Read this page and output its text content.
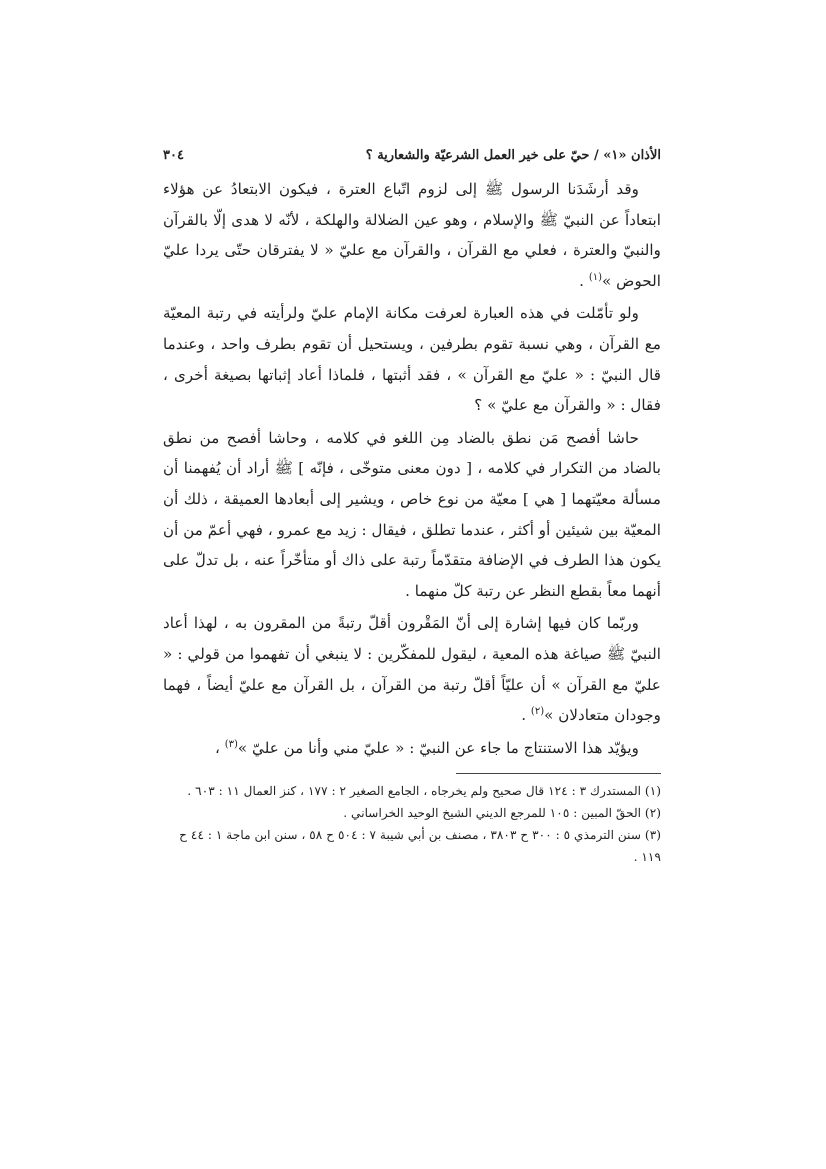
الأذان «١» / حيّ على خير العمل الشرعيّة والشعارية ؟
٣٠٤

وقد أرشَدَنا الرسول ﷺ إلى لزوم اتّباع العترة ، فيكون الابتعادُ عن هؤلاء ابتعاداً عن النبيّ ﷺ والإسلام ، وهو عين الضلالة والهلكة ، لأنّه لا هدى إلّا بالقرآن والنبيّ والعترة ، فعلي مع القرآن ، والقرآن مع عليّ « لا يفترقان حتّى يردا عليّ الحوض »$^{(١)}$ .

ولو تأمّلت في هذه العبارة لعرفت مكانة الإمام عليّ ولرأيته في رتبة المعيّة مع القرآن ، وهي نسبة تقوم بطرفين ، ويستحيل أن تقوم بطرف واحد ، وعندما قال النبيّ : « عليّ مع القرآن » ، فقد أثبتها ، فلماذا أعاد إثباتها بصيغة أخرى ، فقال : « والقرآن مع عليّ » ؟

حاشا أفصح مَن نطق بالضاد مِن اللغو في كلامه ، وحاشا أفصح من نطق بالضاد من التكرار في كلامه ، [ دون معنى متوخّى ، فإنّه ] ﷺ أراد أن يُفهمنا أن مسألة معيّتهما [ هي ] معيّة من نوع خاص ، ويشير إلى أبعادها العميقة ، ذلك أن المعيّة بين شيئين أو أكثر ، عندما تطلق ، فيقال : زيد مع عمرو ، فهي أعمّ من أن يكون هذا الطرف في الإضافة متقدّماً رتبة على ذاك أو متأخّراً عنه ، بل تدلّ على أنهما معاً بقطع النظر عن رتبة كلّ منهما .

وربّما كان فيها إشارة إلى أنّ المَقْرون أقلّ رتبةً من المقرون به ، لهذا أعاد النبيّ ﷺ صياغة هذه المعية ، ليقول للمفكّرين : لا ينبغي أن تفهموا من قولي : « عليّ مع القرآن » أن عليّاً أقلّ رتبة من القرآن ، بل القرآن مع عليّ أيضاً ، فهما وجودان متعادلان »$^{(٢)}$ .

ويؤيّد هذا الاستنتاج ما جاء عن النبيّ : « عليّ مني وأنا من عليّ »$^{(٣)}$ ،

(١) المستدرك ٣ : ١٢٤ قال صحيح ولم يخرجاه ، الجامع الصغير ٢ : ١٧٧ ، كنز العمال ١١ : ٦٠٣ .

(٢) الحقّ المبين : ١٠٥ للمرجع الديني الشيخ الوحيد الخراساني .

(٣) سنن الترمذي ٥ : ٣٠٠ ح ٣٨٠٣ ، مصنف بن أبي شيبة ٧ : ٥٠٤ ح ٥٨ ، سنن ابن ماجة ١ : ٤٤ ح ١١٩ .
